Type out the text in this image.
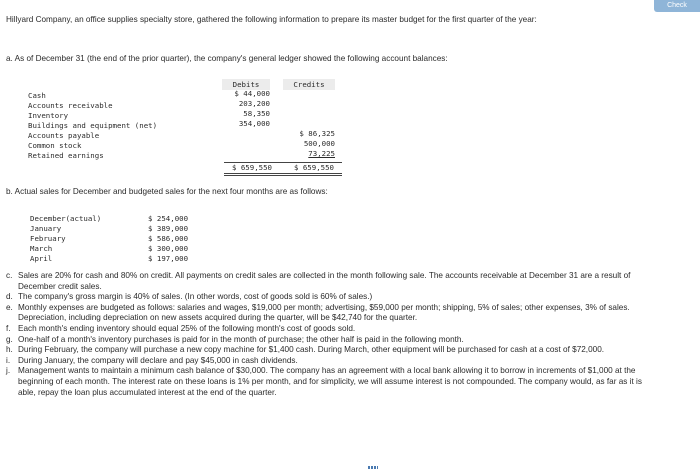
Check
Hillyard Company, an office supplies specialty store, gathered the following information to prepare its master budget for the first quarter of the year:
a. As of December 31 (the end of the prior quarter), the company's general ledger showed the following account balances:
Debits	Credits
Cash
Accounts receivable
Inventory
Buildings and equipment (net)
Accounts payable
Common stock
Retained earnings
$ 44,000
203,200
58,350
354,000
$ 86,325
500,000
73,225
$ 659,550	$ 659,550
b. Actual sales for December and budgeted sales for the next four months are as follows:
December(actual)
January
February
March
April
$ 254,000
$ 389,000
$ 586,000
$ 300,000
$ 197,000
c. Sales are 20% for cash and 80% on credit. All payments on credit sales are collected in the month following sale. The accounts receivable at December 31 are a result of December credit sales.
d. The company's gross margin is 40% of sales. (In other words, cost of goods sold is 60% of sales.)
e. Monthly expenses are budgeted as follows: salaries and wages, $19,000 per month; advertising, $59,000 per month; shipping, 5% of sales; other expenses, 3% of sales. Depreciation, including depreciation on new assets acquired during the quarter, will be $42,740 for the quarter.
f. Each month's ending inventory should equal 25% of the following month's cost of goods sold.
g. One-half of a month's inventory purchases is paid for in the month of purchase; the other half is paid in the following month.
h. During February, the company will purchase a new copy machine for $1,400 cash. During March, other equipment will be purchased for cash at a cost of $72,000.
i. During January, the company will declare and pay $45,000 in cash dividends.
j. Management wants to maintain a minimum cash balance of $30,000. The company has an agreement with a local bank allowing it to borrow in increments of $1,000 at the beginning of each month. The interest rate on these loans is 1% per month, and for simplicity, we will assume interest is not compounded. The company would, as far as it is able, repay the loan plus accumulated interest at the end of the quarter.
